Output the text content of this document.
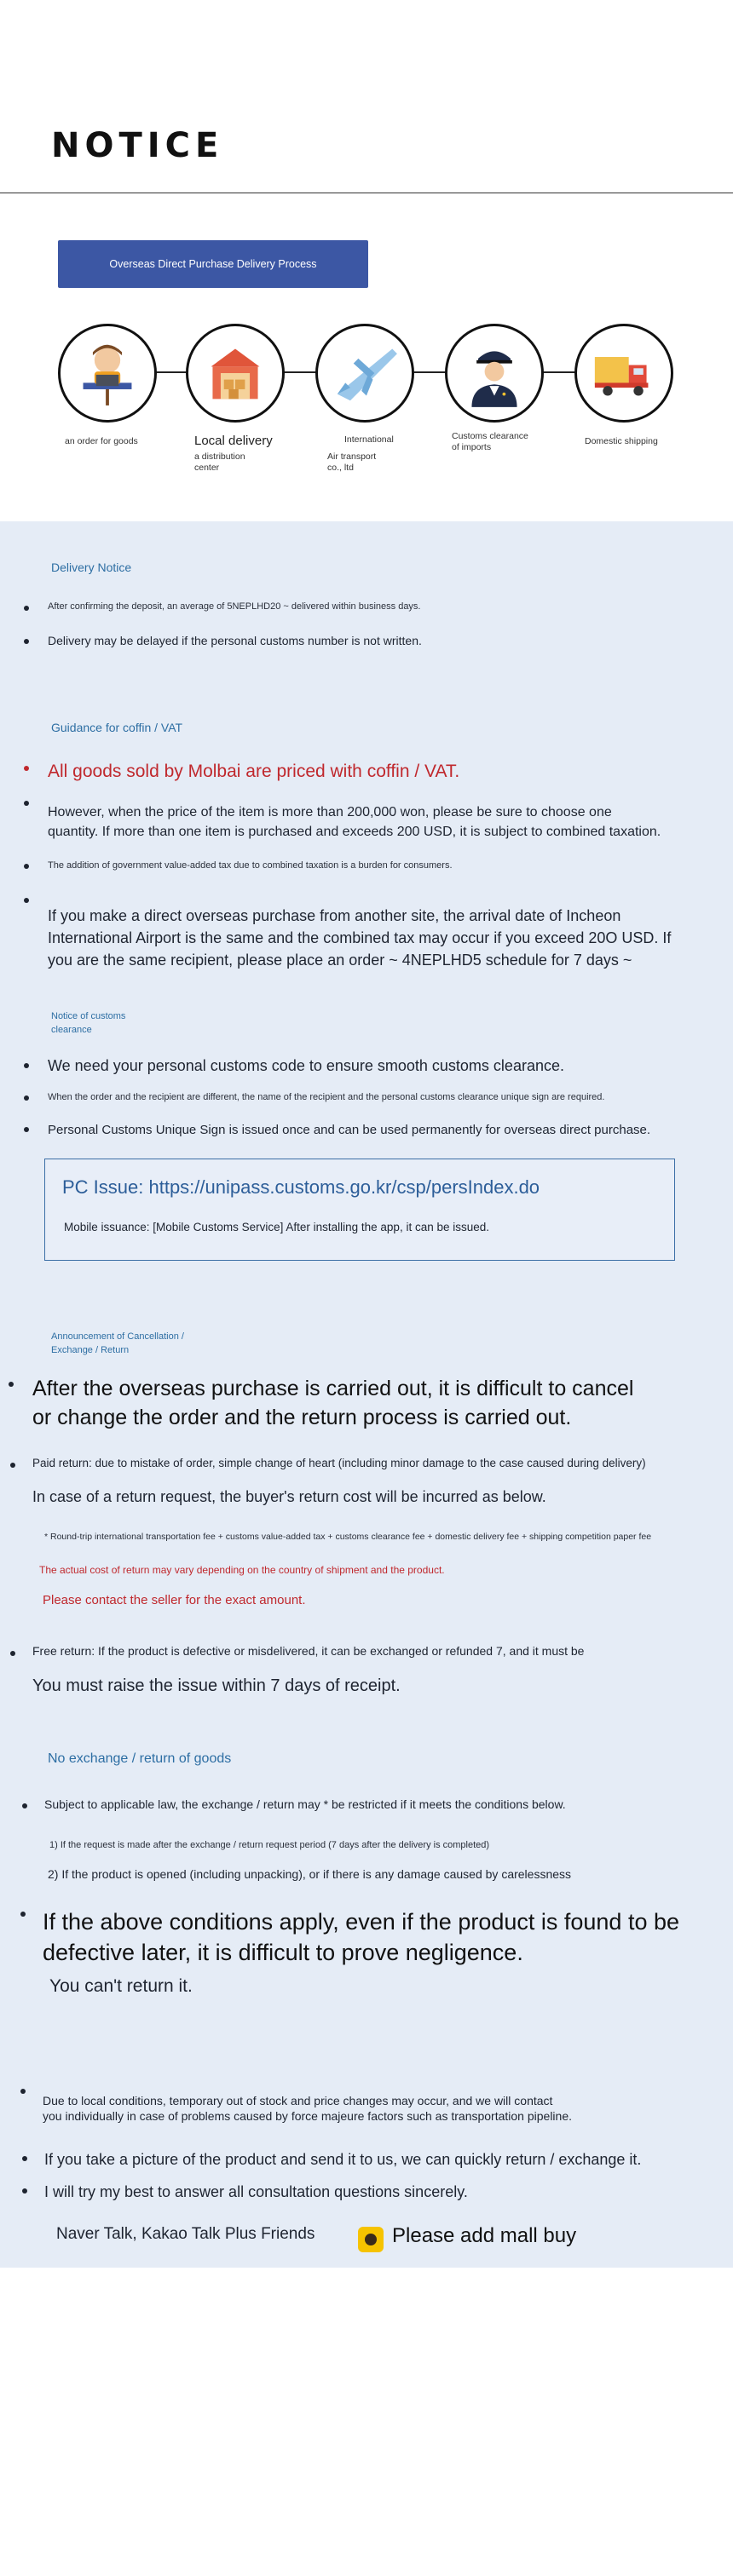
NOTICE
Overseas Direct Purchase Delivery Process
an order for goods	Local delivery
a distribution
center
International
Air transport
co., ltd
Customs clearance
of imports
Domestic shipping
Delivery Notice
After confirming the deposit, an average of 5NEPLHD20 ~ delivered within business days.
Delivery may be delayed if the personal customs number is not written.
Guidance for coffin / VAT
All goods sold by Molbai are priced with coffin / VAT.
However, when the price of the item is more than 200,000 won, please be sure to choose one
quantity. If more than one item is purchased and exceeds 200 USD, it is subject to combined taxation.
The addition of government value-added tax due to combined taxation is a burden for consumers.
If you make a direct overseas purchase from another site, the arrival date of Incheon
International Airport is the same and the combined tax may occur if you exceed 20O USD. If
you are the same recipient, please place an order ~ 4NEPLHD5 schedule for 7 days ~
Notice of customs
clearance
We need your personal customs code to ensure smooth customs clearance.
When the order and the recipient are different, the name of the recipient and the personal customs clearance unique sign are required.
Personal Customs Unique Sign is issued once and can be used permanently for overseas direct purchase.
PC Issue: https://unipass.customs.go.kr/csp/persIndex.do
Mobile issuance: [Mobile Customs Service] After installing the app, it can be issued.
Announcement of Cancellation /
Exchange / Return
After the overseas purchase is carried out, it is difficult to cancel
or change the order and the return process is carried out.
Paid return: due to mistake of order, simple change of heart (including minor damage to the case caused during delivery)
In case of a return request, the buyer's return cost will be incurred as below.
* Round-trip international transportation fee + customs value-added tax + customs clearance fee + domestic delivery fee + shipping competition paper fee
The actual cost of return may vary depending on the country of shipment and the product.
Please contact the seller for the exact amount.
Free return: If the product is defective or misdelivered, it can be exchanged or refunded 7, and it must be
You must raise the issue within 7 days of receipt.
No exchange / return of goods
Subject to applicable law, the exchange / return may * be restricted if it meets the conditions below.
1) If the request is made after the exchange / return request period (7 days after the delivery is completed)
2) If the product is opened (including unpacking), or if there is any damage caused by carelessness
If the above conditions apply, even if the product is found to be
defective later, it is difficult to prove negligence.
You can't return it.
Due to local conditions, temporary out of stock and price changes may occur, and we will contact
you individually in case of problems caused by force majeure factors such as transportation pipeline.
If you take a picture of the product and send it to us, we can quickly return / exchange it.
I will try my best to answer all consultation questions sincerely.
Naver Talk, Kakao Talk Plus Friends	Please add mall buy
